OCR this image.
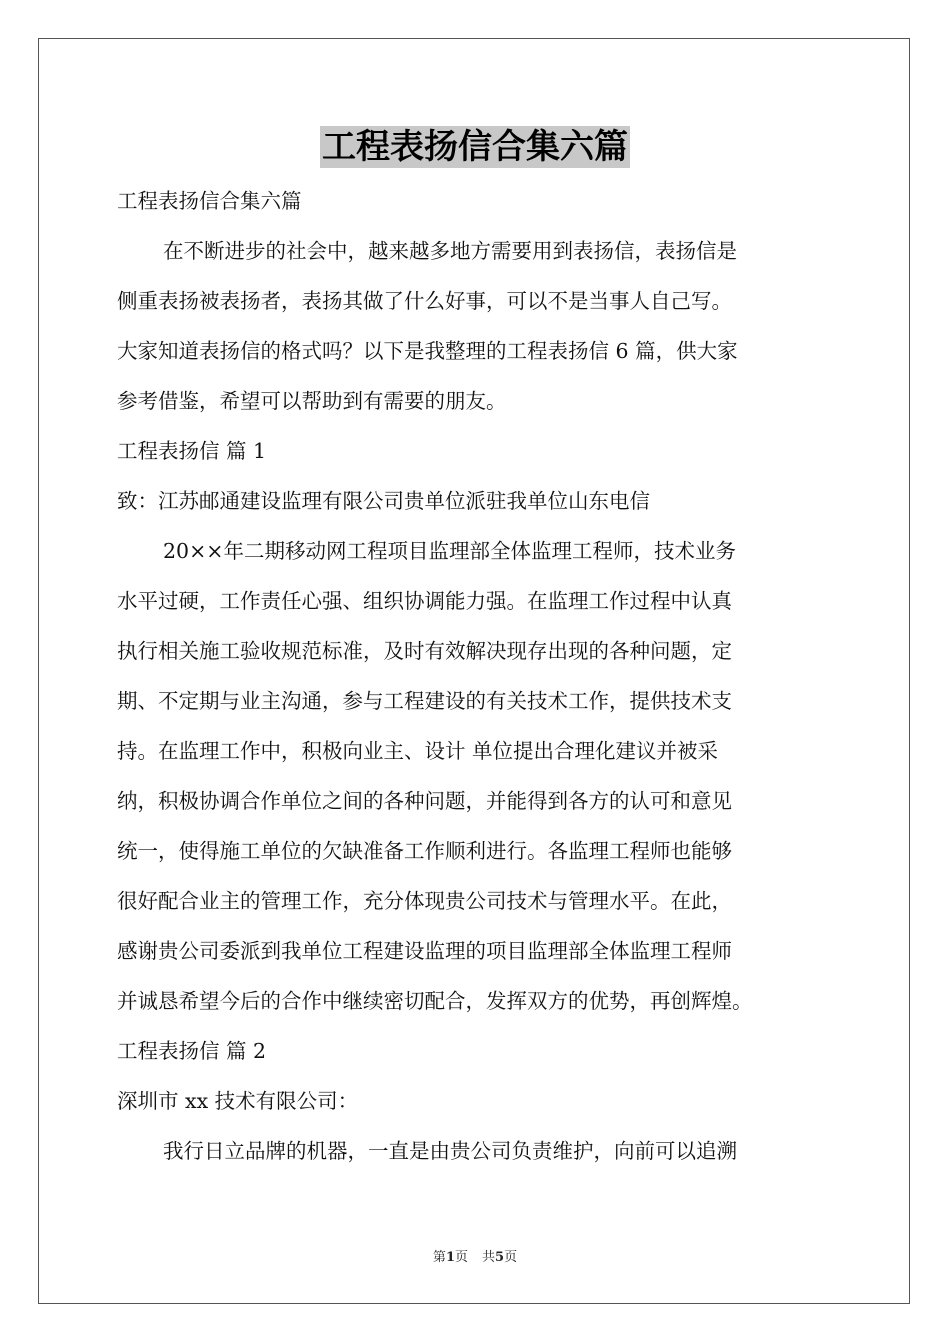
工程表扬信合集六篇

工程表扬信合集六篇

在不断进步的社会中，越来越多地方需要用到表扬信，表扬信是

侧重表扬被表扬者，表扬其做了什么好事，可以不是当事人自己写。

大家知道表扬信的格式吗？以下是我整理的工程表扬信 6 篇，供大家

参考借鉴，希望可以帮助到有需要的朋友。

工程表扬信 篇 1

致：江苏邮通建设监理有限公司贵单位派驻我单位山东电信

20××年二期移动网工程项目监理部全体监理工程师，技术业务

水平过硬，工作责任心强、组织协调能力强。在监理工作过程中认真

执行相关施工验收规范标准，及时有效解决现存出现的各种问题，定

期、不定期与业主沟通，参与工程建设的有关技术工作，提供技术支

持。在监理工作中，积极向业主、设计 单位提出合理化建议并被采

纳，积极协调合作单位之间的各种问题，并能得到各方的认可和意见

统一，使得施工单位的欠缺准备工作顺利进行。各监理工程师也能够

很好配合业主的管理工作，充分体现贵公司技术与管理水平。在此，

感谢贵公司委派到我单位工程建设监理的项目监理部全体监理工程师

并诚恳希望今后的合作中继续密切配合，发挥双方的优势，再创辉煌。

工程表扬信 篇 2

深圳市 xx 技术有限公司：

我行日立品牌的机器，一直是由贵公司负责维护，向前可以追溯

第1页 共5页
